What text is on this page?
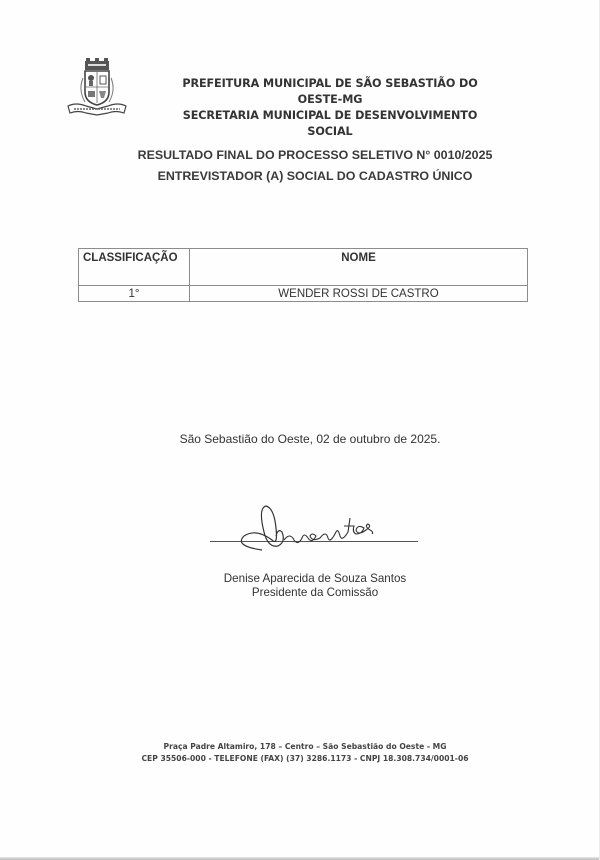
PREFEITURA MUNICIPAL DE SÃO SEBASTIÃO DO OESTE-MG
SECRETARIA MUNICIPAL DE DESENVOLVIMENTO SOCIAL
RESULTADO FINAL DO PROCESSO SELETIVO N° 0010/2025
ENTREVISTADOR (A) SOCIAL DO CADASTRO ÚNICO
CLASSIFICAÇÃO	NOME
1°	WENDER ROSSI DE CASTRO
São Sebastião do Oeste, 02 de outubro de 2025.
Denise Aparecida de Souza Santos
Presidente da Comissão
Praça Padre Altamiro, 178 – Centro – São Sebastião do Oeste - MG
CEP 35506-000 - TELEFONE (FAX) (37) 3286.1173 - CNPJ 18.308.734/0001-06
